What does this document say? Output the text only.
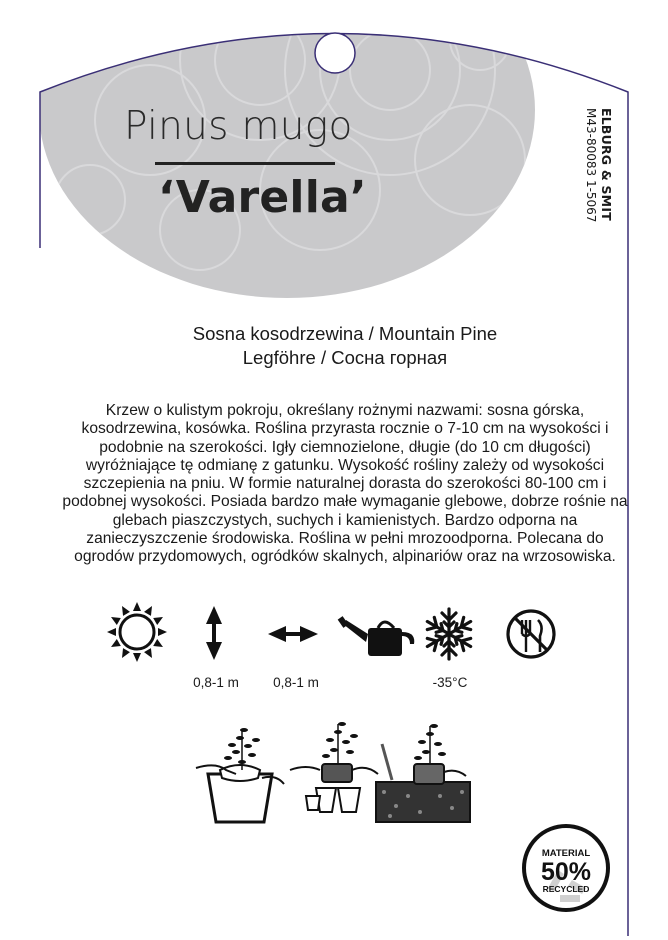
MATERIAL
50%
RECYCLED
Pinus mugo
‘Varella’	ELBURG & SMIT
M43-80083 1-5067
Sosna kosodrzewina / Mountain Pine
Legföhre / Сосна горная
Krzew o kulistym pokroju, określany rożnymi nazwami: sosna górska, kosodrzewina, kosówka. Roślina przyrasta rocznie o 7-10 cm na wysokości i podobnie na szerokości. Igły ciemnozielone, długie (do 10 cm długości) wyróżniające tę odmianę z gatunku. Wysokość rośliny zależy od wysokości szczepienia na pniu. W formie naturalnej dorasta do szerokości 80-100 cm i podobnej wysokości. Posiada bardzo małe wymaganie glebowe, dobrze rośnie na glebach piaszczystych, suchych i kamienistych. Bardzo odporna na zanieczyszczenie środowiska. Roślina w pełni mrozoodporna. Polecana do ogrodów przydomowych, ogródków skalnych, alpinariów oraz na wrzosowiska.
0,8-1 m	0,8-1 m	-35°C
